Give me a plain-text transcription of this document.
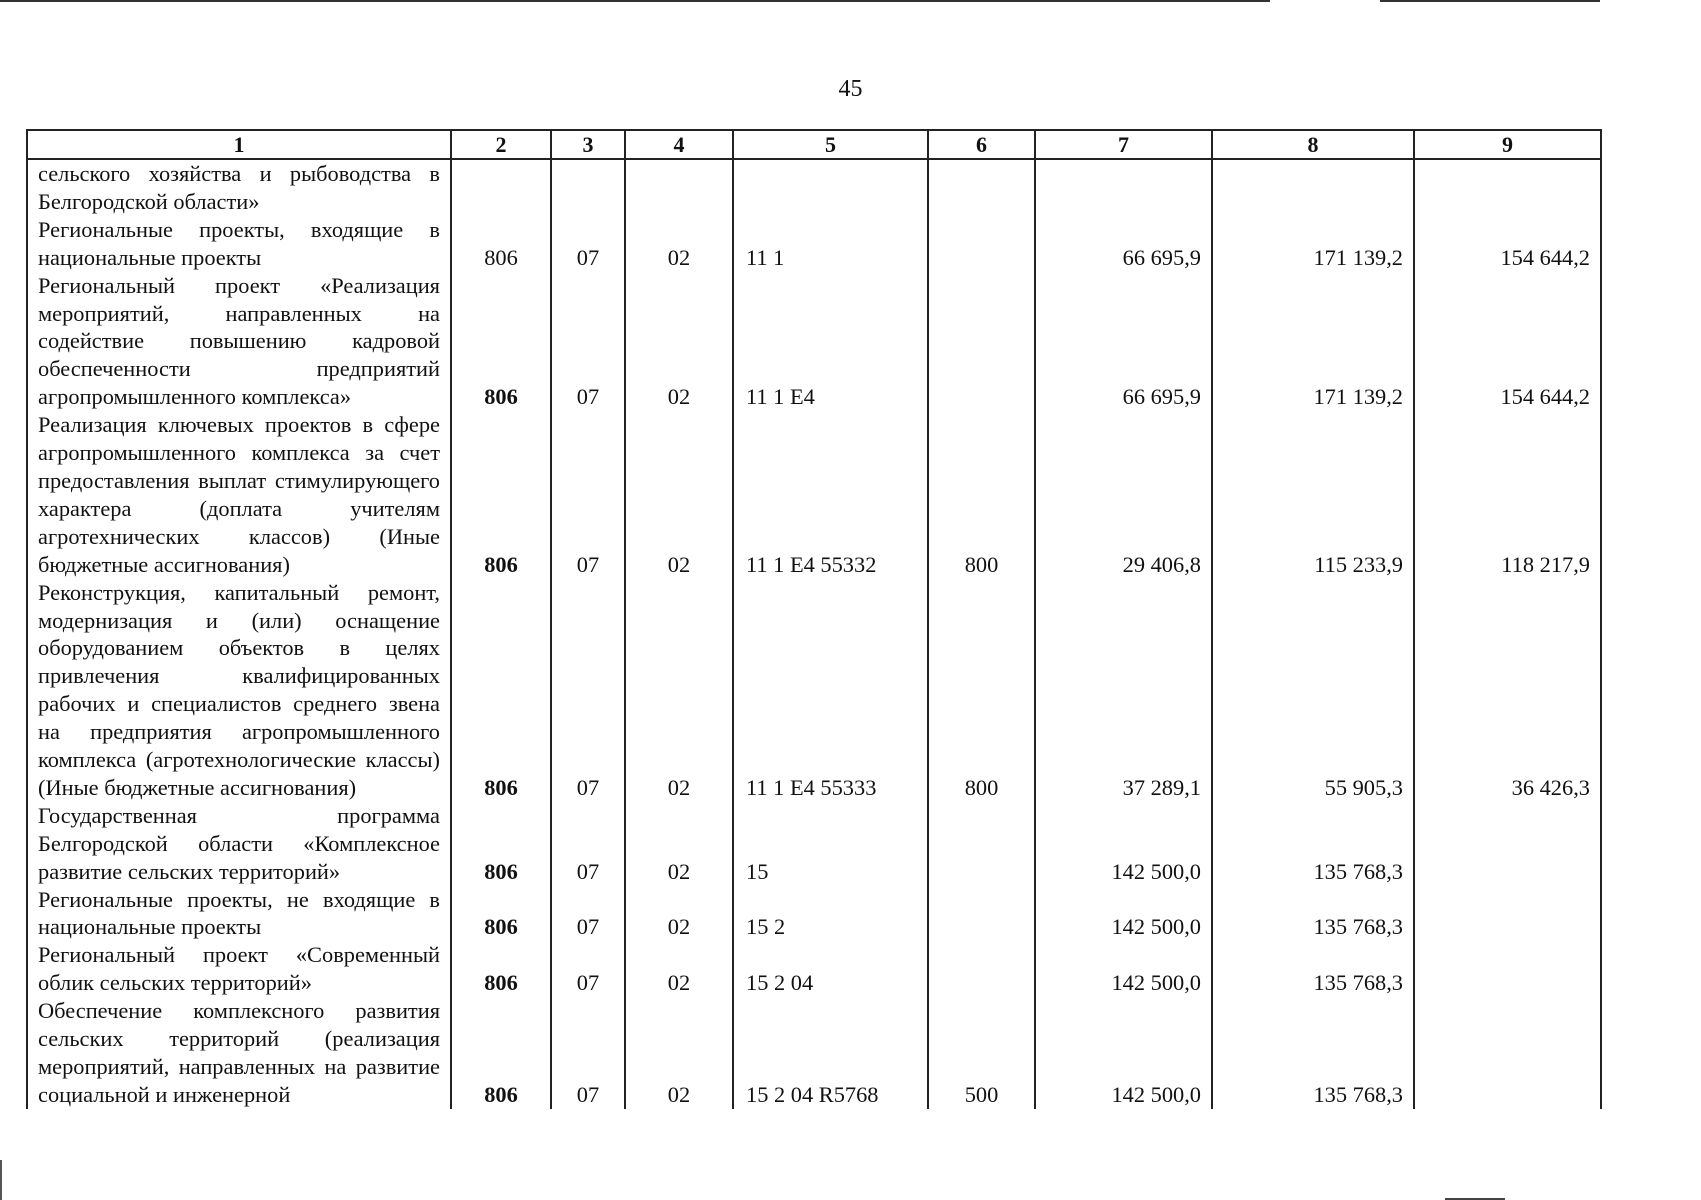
45
1	2	3	4	5	6	7	8	9
сельского хозяйства и рыбоводства в Белгородской области»								
Региональные проекты, входящие в национальные проекты	806	07	02	11 1		66 695,9	171 139,2	154 644,2
Региональный проект «Реализация мероприятий, направленных на содействие повышению кадровой обеспеченности предприятий агропромышленного комплекса»	806	07	02	11 1 Е4		66 695,9	171 139,2	154 644,2
Реализация ключевых проектов в сфере агропромышленного комплекса за счет предоставления выплат стимулирующего характера (доплата учителям агротехнических классов) (Иные бюджетные ассигнования)	806	07	02	11 1 Е4 55332	800	29 406,8	115 233,9	118 217,9
Реконструкция, капитальный ремонт, модернизация и (или) оснащение оборудованием объектов в целях привлечения квалифицированных рабочих и специалистов среднего звена на предприятия агропромышленного комплекса (агротехнологические классы)(Иные бюджетные ассигнования)	806	07	02	11 1 Е4 55333	800	37 289,1	55 905,3	36 426,3
Государственная программа Белгородской области «Комплексное развитие сельских территорий»	806	07	02	15		142 500,0	135 768,3	
Региональные проекты, не входящие в национальные проекты	806	07	02	15 2		142 500,0	135 768,3	
Региональный проект «Современный облик сельских территорий»	806	07	02	15 2 04		142 500,0	135 768,3	
Обеспечение комплексного развития сельских территорий (реализация мероприятий, направленных на развитие социальной и инженерной	806	07	02	15 2 04 R5768	500	142 500,0	135 768,3	
